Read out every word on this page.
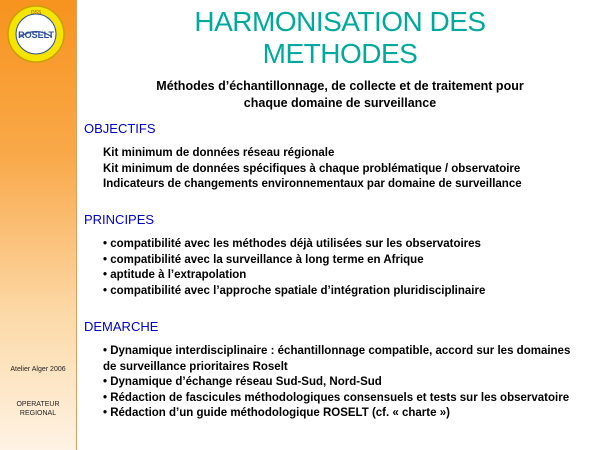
ROSELT
OSS
Atelier Alger 2006
OPERATEUR
REGIONAL
HARMONISATION DES
METHODES
Méthodes d’échantillonnage, de collecte et de traitement pour
chaque domaine de surveillance
OBJECTIFS
Kit minimum de données réseau régionale
Kit minimum de données spécifiques à chaque problématique / observatoire
Indicateurs de changements environnementaux par domaine de surveillance
PRINCIPES
• compatibilité avec les méthodes déjà utilisées sur les observatoires
• compatibilité avec la surveillance à long terme en Afrique
• aptitude à l’extrapolation
• compatibilité avec l’approche spatiale d’intégration pluridisciplinaire
DEMARCHE
• Dynamique interdisciplinaire : échantillonnage compatible, accord sur les domaines de surveillance prioritaires Roselt
• Dynamique d’échange réseau Sud-Sud, Nord-Sud
• Rédaction de fascicules méthodologiques consensuels et tests sur les observatoire
• Rédaction d’un guide méthodologique ROSELT (cf. « charte »)
